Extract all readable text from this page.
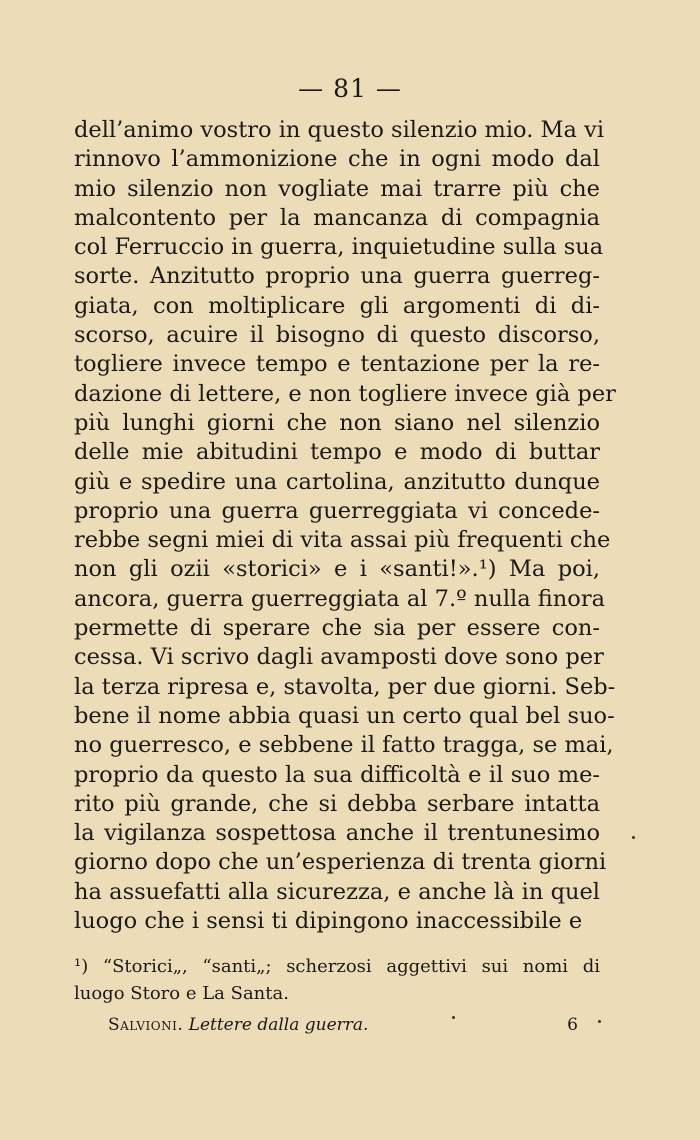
— 81 —
dell’animo vostro in questo silenzio mio. Ma vi
rinnovo l’ammonizione che in ogni modo dal
mio silenzio non vogliate mai trarre più che
malcontento per la mancanza di compagnia
col Ferruccio in guerra, inquietudine sulla sua
sorte. Anzitutto proprio una guerra guerreg-
giata, con moltiplicare gli argomenti di di-
scorso, acuire il bisogno di questo discorso,
togliere invece tempo e tentazione per la re-
dazione di lettere, e non togliere invece già per
più lunghi giorni che non siano nel silenzio
delle mie abitudini tempo e modo di buttar
giù e spedire una cartolina, anzitutto dunque
proprio una guerra guerreggiata vi concede-
rebbe segni miei di vita assai più frequenti che
non gli ozii «storici» e i «santi!».¹) Ma poi,
ancora, guerra guerreggiata al 7.º nulla finora
permette di sperare che sia per essere con-
cessa. Vi scrivo dagli avamposti dove sono per
la terza ripresa e, stavolta, per due giorni. Seb-
bene il nome abbia quasi un certo qual bel suo-
no guerresco, e sebbene il fatto tragga, se mai,
proprio da questo la sua difficoltà e il suo me-
rito più grande, che si debba serbare intatta
la vigilanza sospettosa anche il trentunesimo
giorno dopo che un’esperienza di trenta giorni
ha assuefatti alla sicurezza, e anche là in quel
luogo che i sensi ti dipingono inaccessibile e
¹) “Storici„, “santi„; scherzosi aggettivi sui nomi di
luogo Storo e La Santa.
Salvioni. Lettere dalla guerra.	6
